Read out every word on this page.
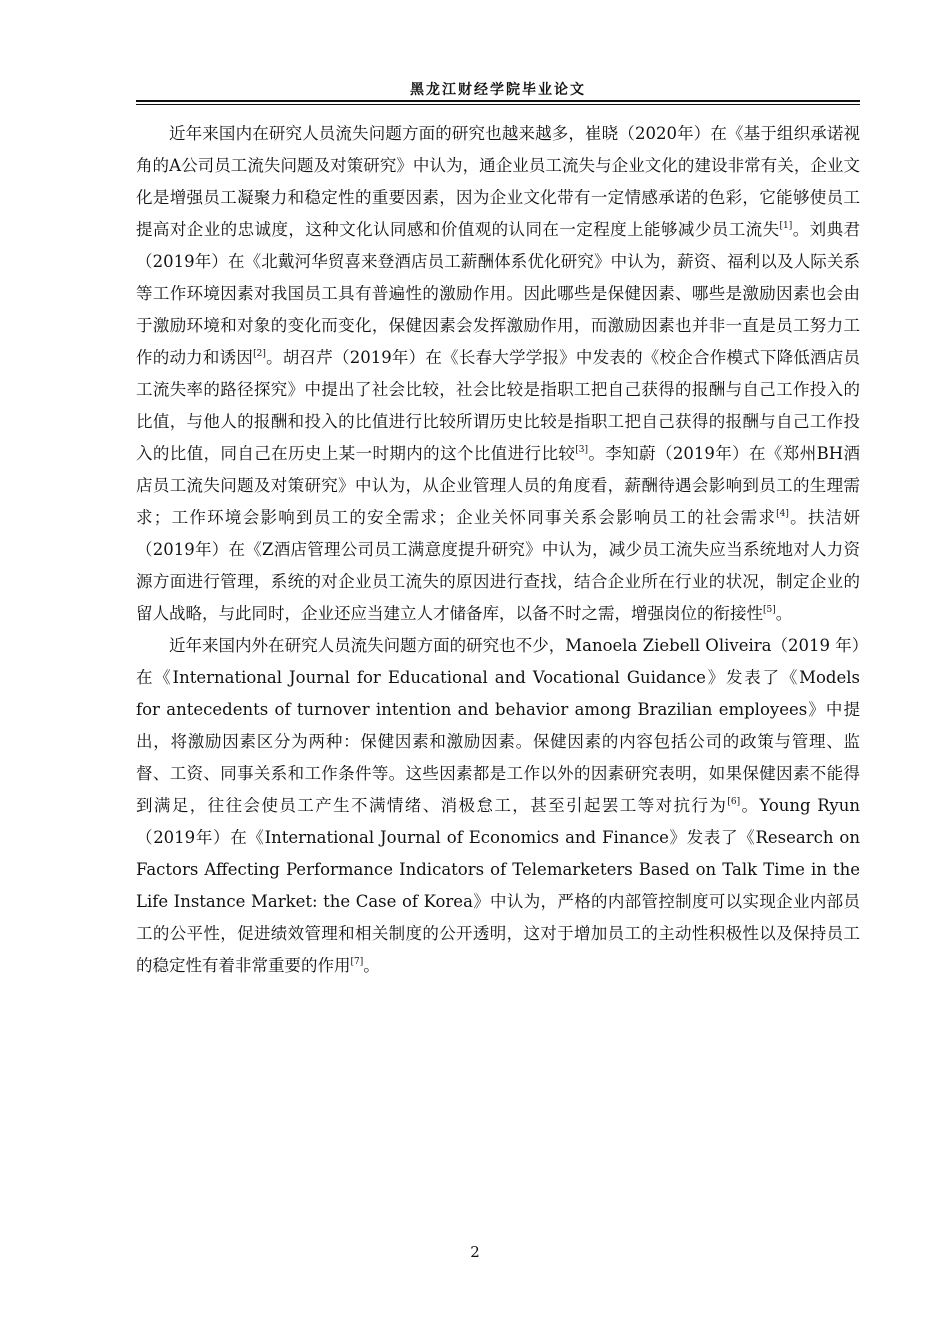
黑龙江财经学院毕业论文

近年来国内在研究人员流失问题方面的研究也越来越多，崔晓（2020年）在《基于组织承诺视角的A公司员工流失问题及对策研究》中认为，通企业员工流失与企业文化的建设非常有关，企业文化是增强员工凝聚力和稳定性的重要因素，因为企业文化带有一定情感承诺的色彩，它能够使员工提高对企业的忠诚度，这种文化认同感和价值观的认同在一定程度上能够减少员工流失[1]。刘典君（2019年）在《北戴河华贸喜来登酒店员工薪酬体系优化研究》中认为，薪资、福利以及人际关系等工作环境因素对我国员工具有普遍性的激励作用。因此哪些是保健因素、哪些是激励因素也会由于激励环境和对象的变化而变化，保健因素会发挥激励作用，而激励因素也并非一直是员工努力工作的动力和诱因[2]。胡召芹（2019年）在《长春大学学报》中发表的《校企合作模式下降低酒店员工流失率的路径探究》中提出了社会比较，社会比较是指职工把自己获得的报酬与自己工作投入的比值，与他人的报酬和投入的比值进行比较所谓历史比较是指职工把自己获得的报酬与自己工作投入的比值，同自己在历史上某一时期内的这个比值进行比较[3]。李知蔚（2019年）在《郑州BH酒店员工流失问题及对策研究》中认为，从企业管理人员的角度看，薪酬待遇会影响到员工的生理需求；工作环境会影响到员工的安全需求；企业关怀同事关系会影响员工的社会需求[4]。扶洁妍（2019年）在《Z酒店管理公司员工满意度提升研究》中认为，减少员工流失应当系统地对人力资源方面进行管理，系统的对企业员工流失的原因进行查找，结合企业所在行业的状况，制定企业的留人战略，与此同时，企业还应当建立人才储备库，以备不时之需，增强岗位的衔接性[5]。

近年来国内外在研究人员流失问题方面的研究也不少，Manoela Ziebell Oliveira（2019 年）在《International Journal for Educational and Vocational Guidance》发表了《Models for antecedents of turnover intention and behavior among Brazilian employees》中提出，将激励因素区分为两种：保健因素和激励因素。保健因素的内容包括公司的政策与管理、监督、工资、同事关系和工作条件等。这些因素都是工作以外的因素研究表明，如果保健因素不能得到满足，往往会使员工产生不满情绪、消极怠工，甚至引起罢工等对抗行为[6]。Young Ryun（2019年）在《International Journal of Economics and Finance》发表了《Research on Factors Affecting Performance Indicators of Telemarketers Based on Talk Time in the Life Instance Market: the Case of Korea》中认为，严格的内部管控制度可以实现企业内部员工的公平性，促进绩效管理和相关制度的公开透明，这对于增加员工的主动性积极性以及保持员工的稳定性有着非常重要的作用[7]。

2
